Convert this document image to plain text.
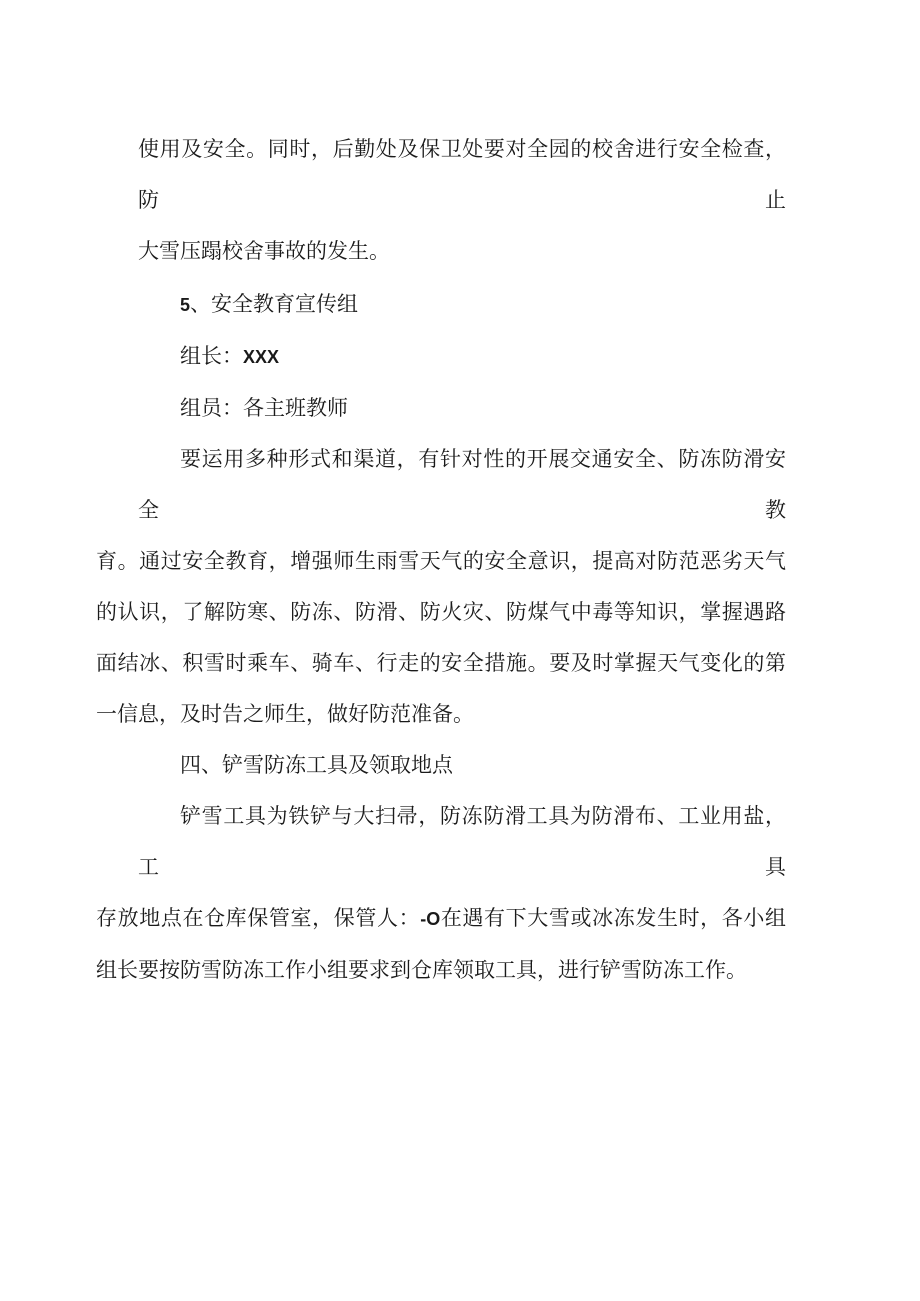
使用及安全。同时，后勤处及保卫处要对全园的校舍进行安全检查，防止
大雪压蹋校舍事故的发生。

5、安全教育宣传组

组长：XXX

组员：各主班教师

要运用多种形式和渠道，有针对性的开展交通安全、防冻防滑安全教
育。通过安全教育，增强师生雨雪天气的安全意识，提高对防范恶劣天气
的认识，了解防寒、防冻、防滑、防火灾、防煤气中毒等知识，掌握遇路
面结冰、积雪时乘车、骑车、行走的安全措施。要及时掌握天气变化的第
一信息，及时告之师生，做好防范准备。

四、铲雪防冻工具及领取地点

铲雪工具为铁铲与大扫帚，防冻防滑工具为防滑布、工业用盐，工具
存放地点在仓库保管室，保管人：-O在遇有下大雪或冰冻发生时，各小组
组长要按防雪防冻工作小组要求到仓库领取工具，进行铲雪防冻工作。
